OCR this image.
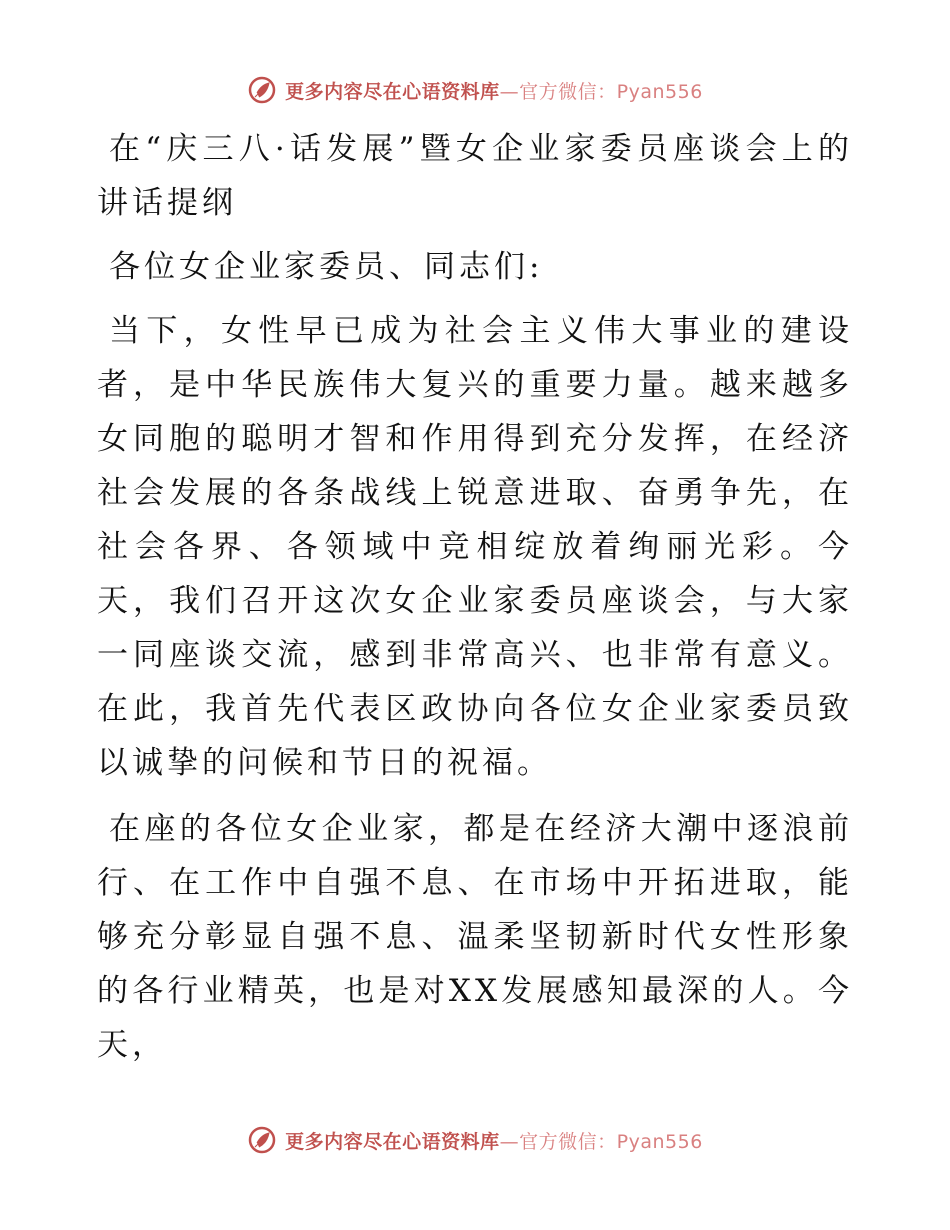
更多内容尽在心语资料库—官方微信：Pyan556

在“庆三八·话发展”暨女企业家委员座谈会上的讲话提纲

各位女企业家委员、同志们:

当下，女性早已成为社会主义伟大事业的建设者，是中华民族伟大复兴的重要力量。越来越多女同胞的聪明才智和作用得到充分发挥，在经济社会发展的各条战线上锐意进取、奋勇争先，在社会各界、各领域中竞相绽放着绚丽光彩。今天，我们召开这次女企业家委员座谈会，与大家一同座谈交流，感到非常高兴、也非常有意义。在此，我首先代表区政协向各位女企业家委员致以诚挚的问候和节日的祝福。

在座的各位女企业家，都是在经济大潮中逐浪前行、在工作中自强不息、在市场中开拓进取，能够充分彰显自强不息、温柔坚韧新时代女性形象的各行业精英，也是对XX发展感知最深的人。今天，

更多内容尽在心语资料库—官方微信：Pyan556
